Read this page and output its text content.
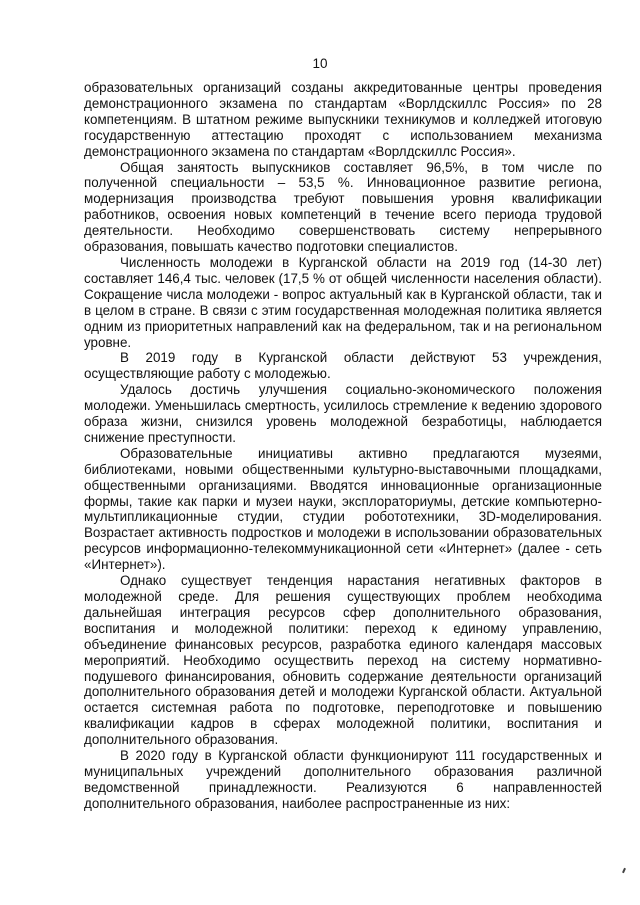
10

образовательных организаций созданы аккредитованные центры проведения демонстрационного экзамена по стандартам «Ворлдскиллс Россия» по 28 компетенциям. В штатном режиме выпускники техникумов и колледжей итоговую государственную аттестацию проходят с использованием механизма демонстрационного экзамена по стандартам «Ворлдскиллс Россия».

Общая занятость выпускников составляет 96,5%, в том числе по полученной специальности – 53,5 %. Инновационное развитие региона, модернизация производства требуют повышения уровня квалификации работников, освоения новых компетенций в течение всего периода трудовой деятельности. Необходимо совершенствовать систему непрерывного образования, повышать качество подготовки специалистов.

Численность молодежи в Курганской области на 2019 год (14-30 лет) составляет 146,4 тыс. человек (17,5 % от общей численности населения области). Сокращение числа молодежи - вопрос актуальный как в Курганской области, так и в целом в стране. В связи с этим государственная молодежная политика является одним из приоритетных направлений как на федеральном, так и на региональном уровне.

В 2019 году в Курганской области действуют 53 учреждения, осуществляющие работу с молодежью.

Удалось достичь улучшения социально-экономического положения молодежи. Уменьшилась смертность, усилилось стремление к ведению здорового образа жизни, снизился уровень молодежной безработицы, наблюдается снижение преступности.

Образовательные инициативы активно предлагаются музеями, библиотеками, новыми общественными культурно-выставочными площадками, общественными организациями. Вводятся инновационные организационные формы, такие как парки и музеи науки, эксплораториумы, детские компьютерно-мультипликационные студии, студии робототехники, 3D-моделирования. Возрастает активность подростков и молодежи в использовании образовательных ресурсов информационно-телекоммуникационной сети «Интернет» (далее - сеть «Интернет»).

Однако существует тенденция нарастания негативных факторов в молодежной среде. Для решения существующих проблем необходима дальнейшая интеграция ресурсов сфер дополнительного образования, воспитания и молодежной политики: переход к единому управлению, объединение финансовых ресурсов, разработка единого календаря массовых мероприятий. Необходимо осуществить переход на систему нормативно-подушевого финансирования, обновить содержание деятельности организаций дополнительного образования детей и молодежи Курганской области. Актуальной остается системная работа по подготовке, переподготовке и повышению квалификации кадров в сферах молодежной политики, воспитания и дополнительного образования.

В 2020 году в Курганской области функционируют 111 государственных и муниципальных учреждений дополнительного образования различной ведомственной принадлежности. Реализуются 6 направленностей дополнительного образования, наиболее распространенные из них:
